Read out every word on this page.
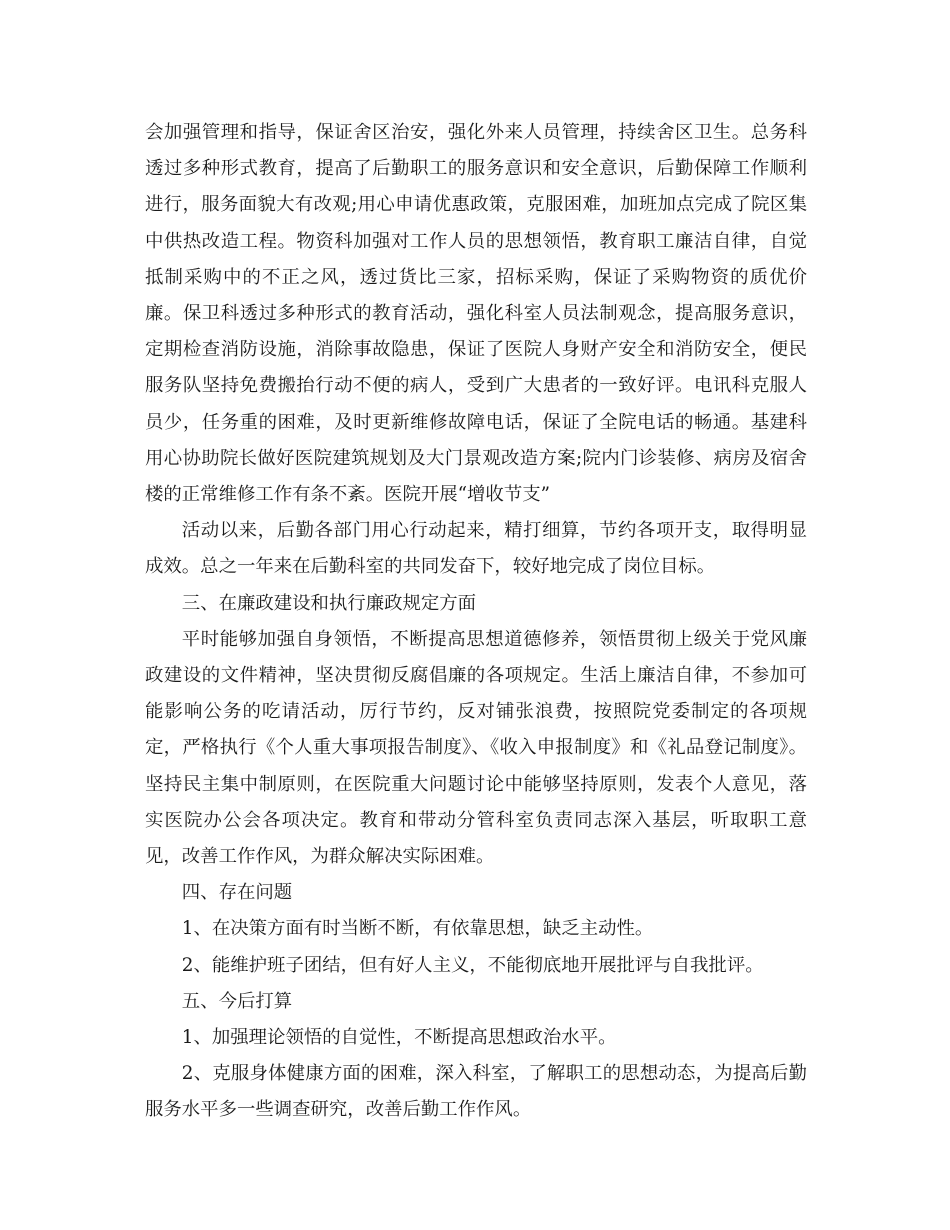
会加强管理和指导，保证舍区治安，强化外来人员管理，持续舍区卫生。总务科透过多种形式教育，提高了后勤职工的服务意识和安全意识，后勤保障工作顺利进行，服务面貌大有改观;用心申请优惠政策，克服困难，加班加点完成了院区集中供热改造工程。物资科加强对工作人员的思想领悟，教育职工廉洁自律，自觉抵制采购中的不正之风，透过货比三家，招标采购，保证了采购物资的质优价廉。保卫科透过多种形式的教育活动，强化科室人员法制观念，提高服务意识，定期检查消防设施，消除事故隐患，保证了医院人身财产安全和消防安全，便民服务队坚持免费搬抬行动不便的病人，受到广大患者的一致好评。电讯科克服人员少，任务重的困难，及时更新维修故障电话，保证了全院电话的畅通。基建科用心协助院长做好医院建筑规划及大门景观改造方案;院内门诊装修、病房及宿舍楼的正常维修工作有条不紊。医院开展“增收节支”

活动以来，后勤各部门用心行动起来，精打细算，节约各项开支，取得明显成效。总之一年来在后勤科室的共同发奋下，较好地完成了岗位目标。

三、在廉政建设和执行廉政规定方面

平时能够加强自身领悟，不断提高思想道德修养，领悟贯彻上级关于党风廉政建设的文件精神，坚决贯彻反腐倡廉的各项规定。生活上廉洁自律，不参加可能影响公务的吃请活动，厉行节约，反对铺张浪费，按照院党委制定的各项规定，严格执行《个人重大事项报告制度》、《收入申报制度》和《礼品登记制度》。坚持民主集中制原则，在医院重大问题讨论中能够坚持原则，发表个人意见，落实医院办公会各项决定。教育和带动分管科室负责同志深入基层，听取职工意见，改善工作作风，为群众解决实际困难。

四、存在问题

1、在决策方面有时当断不断，有依靠思想，缺乏主动性。

2、能维护班子团结，但有好人主义，不能彻底地开展批评与自我批评。

五、今后打算

1、加强理论领悟的自觉性，不断提高思想政治水平。

2、克服身体健康方面的困难，深入科室，了解职工的思想动态，为提高后勤服务水平多一些调查研究，改善后勤工作作风。
